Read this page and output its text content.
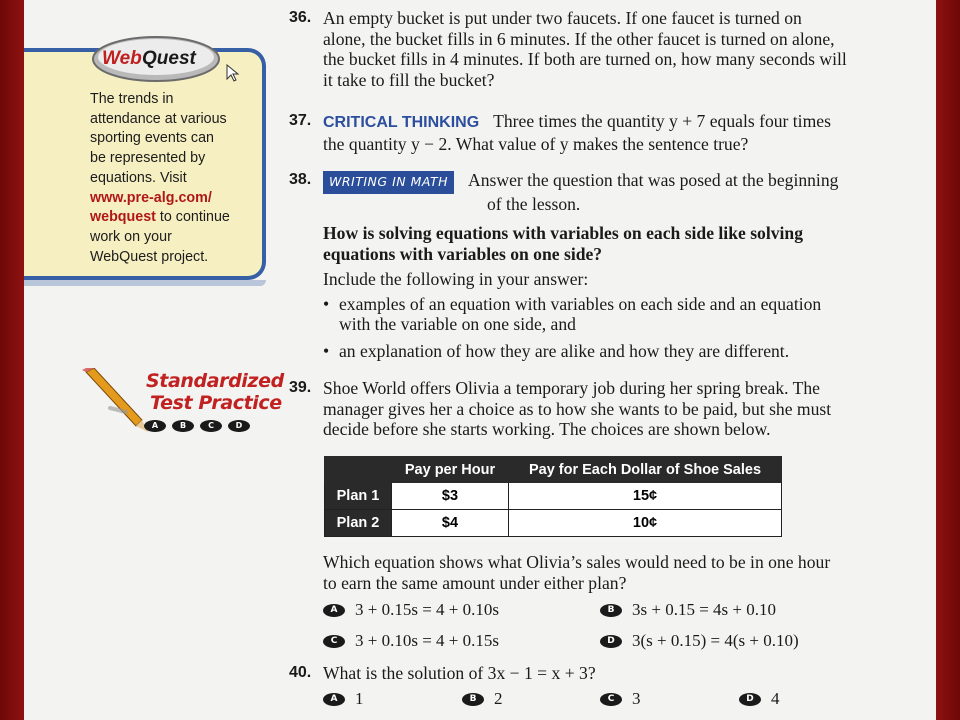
Web Quest
The trends in
attendance at various
sporting events can
be represented by
equations. Visit
www.pre-alg.com/
webquest to continue
work on your
WebQuest project.
Standardized
Test Practice
A	B	C	D
36. An empty bucket is put under two faucets. If one faucet is turned on
alone, the bucket fills in 6 minutes. If the other faucet is turned on alone,
the bucket fills in 4 minutes. If both are turned on, how many seconds will
it take to fill the bucket?
37. CRITICAL THINKING Three times the quantity y + 7 equals four times
the quantity y − 2. What value of y makes the sentence true?
38.	WRITING IN MATH Answer the question that was posed at the beginning
of the lesson.
How is solving equations with variables on each side like solving
equations with variables on one side?
Include the following in your answer:
• examples of an equation with variables on each side and an equation
with the variable on one side, and
• an explanation of how they are alike and how they are different.
39. Shoe World offers Olivia a temporary job during her spring break. The
manager gives her a choice as to how she wants to be paid, but she must
decide before she starts working. The choices are shown below.
	Pay per Hour	Pay for Each Dollar of Shoe Sales
Plan 1	$3	15¢
Plan 2	$4	10¢
Which equation shows what Olivia’s sales would need to be in one hour
to earn the same amount under either plan?
A 3 + 0.15s = 4 + 0.10s	B 3s + 0.15 = 4s + 0.10
C 3 + 0.10s = 4 + 0.15s	D 3(s + 0.15) = 4(s + 0.10)
40. What is the solution of 3x − 1 = x + 3?
A 1	B 2	C 3	D 4
